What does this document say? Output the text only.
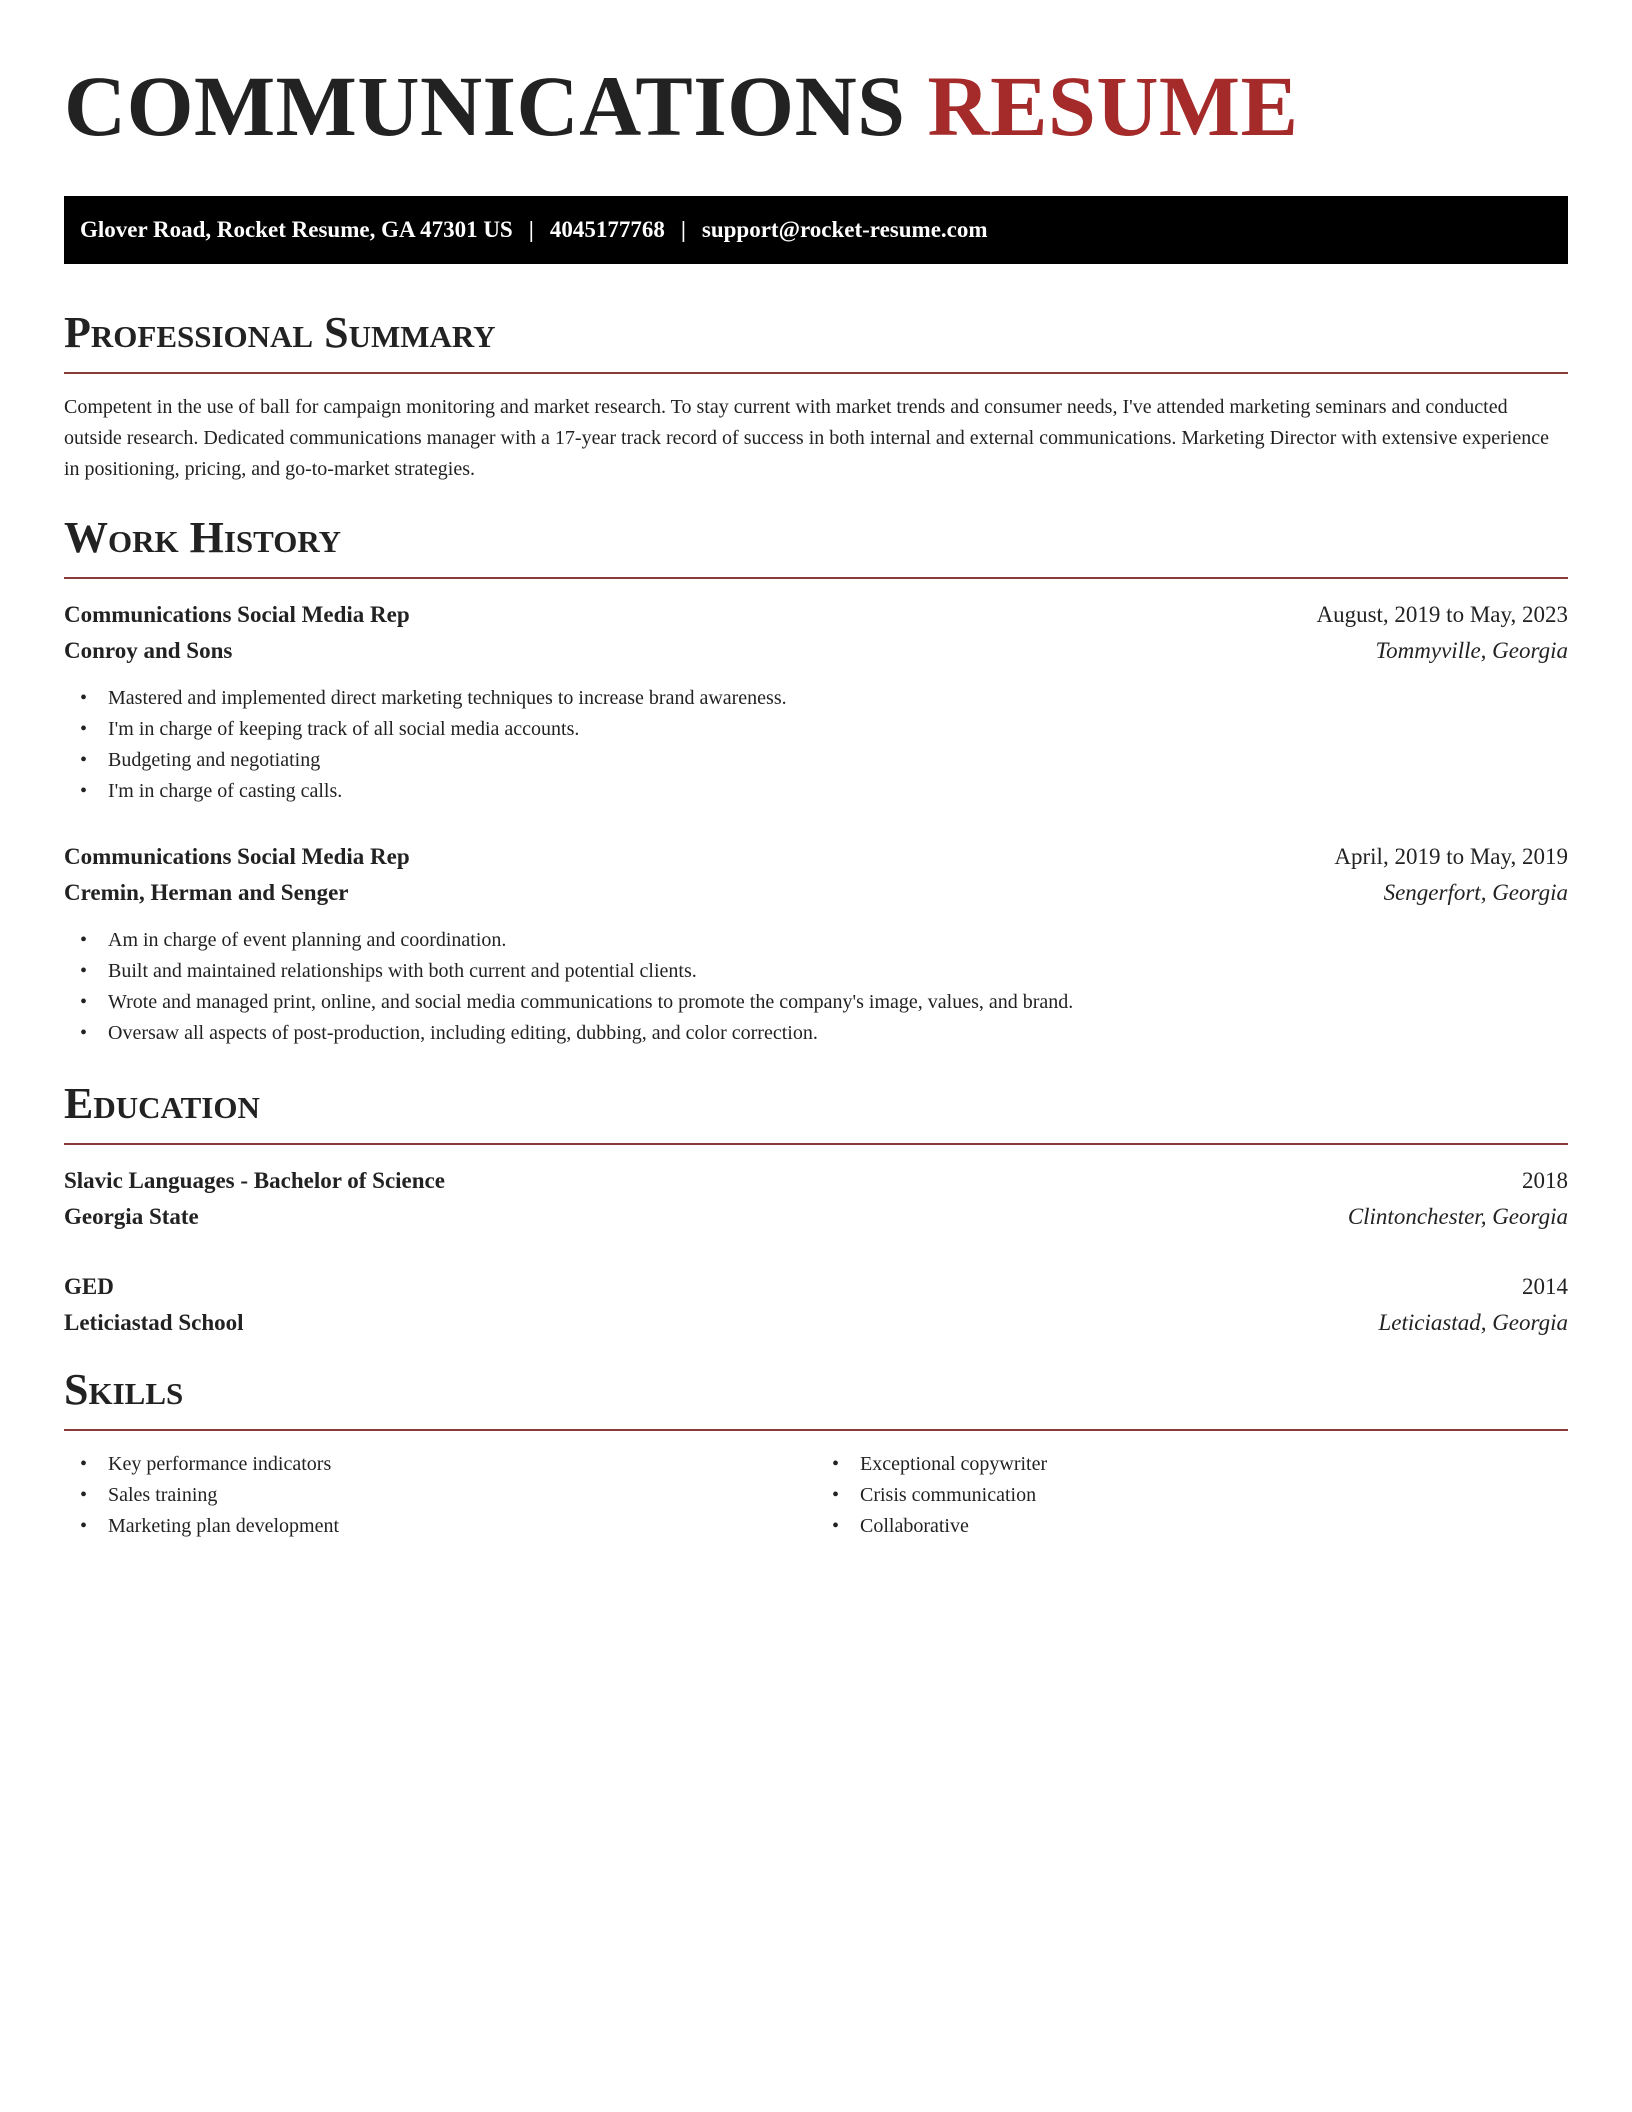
COMMUNICATIONS RESUME
Glover Road, Rocket Resume, GA 47301 US | 4045177768 | support@rocket-resume.com
Professional Summary

Competent in the use of ball for campaign monitoring and market research. To stay current with market trends and consumer needs, I've attended marketing seminars and conducted outside research. Dedicated communications manager with a 17-year track record of success in both internal and external communications. Marketing Director with extensive experience in positioning, pricing, and go-to-market strategies.

Work History
Communications Social Media Rep	August, 2019 to May, 2023
Conroy and Sons	Tommyville, Georgia
• Mastered and implemented direct marketing techniques to increase brand awareness.
• I'm in charge of keeping track of all social media accounts.
• Budgeting and negotiating
• I'm in charge of casting calls.
Communications Social Media Rep	April, 2019 to May, 2019
Cremin, Herman and Senger	Sengerfort, Georgia
• Am in charge of event planning and coordination.
• Built and maintained relationships with both current and potential clients.
• Wrote and managed print, online, and social media communications to promote the company's image, values, and brand.
• Oversaw all aspects of post-production, including editing, dubbing, and color correction.
Education
Slavic Languages - Bachelor of Science	2018
Georgia State	Clintonchester, Georgia
GED	2014
Leticiastad School	Leticiastad, Georgia
Skills
• Key performance indicators
• Sales training
• Marketing plan development
• Exceptional copywriter
• Crisis communication
• Collaborative
